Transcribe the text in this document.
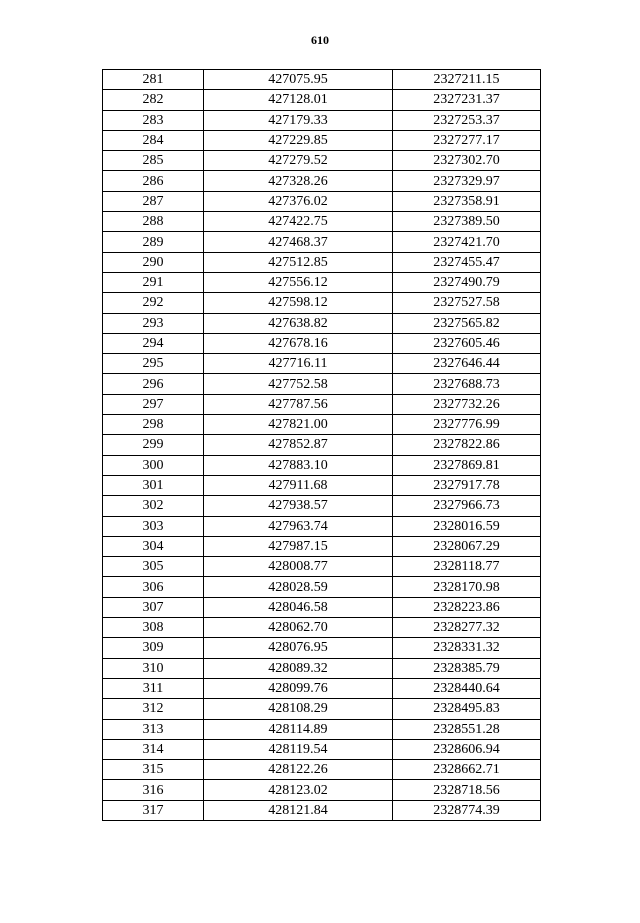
610
281	427075.95	2327211.15
282	427128.01	2327231.37
283	427179.33	2327253.37
284	427229.85	2327277.17
285	427279.52	2327302.70
286	427328.26	2327329.97
287	427376.02	2327358.91
288	427422.75	2327389.50
289	427468.37	2327421.70
290	427512.85	2327455.47
291	427556.12	2327490.79
292	427598.12	2327527.58
293	427638.82	2327565.82
294	427678.16	2327605.46
295	427716.11	2327646.44
296	427752.58	2327688.73
297	427787.56	2327732.26
298	427821.00	2327776.99
299	427852.87	2327822.86
300	427883.10	2327869.81
301	427911.68	2327917.78
302	427938.57	2327966.73
303	427963.74	2328016.59
304	427987.15	2328067.29
305	428008.77	2328118.77
306	428028.59	2328170.98
307	428046.58	2328223.86
308	428062.70	2328277.32
309	428076.95	2328331.32
310	428089.32	2328385.79
311	428099.76	2328440.64
312	428108.29	2328495.83
313	428114.89	2328551.28
314	428119.54	2328606.94
315	428122.26	2328662.71
316	428123.02	2328718.56
317	428121.84	2328774.39
